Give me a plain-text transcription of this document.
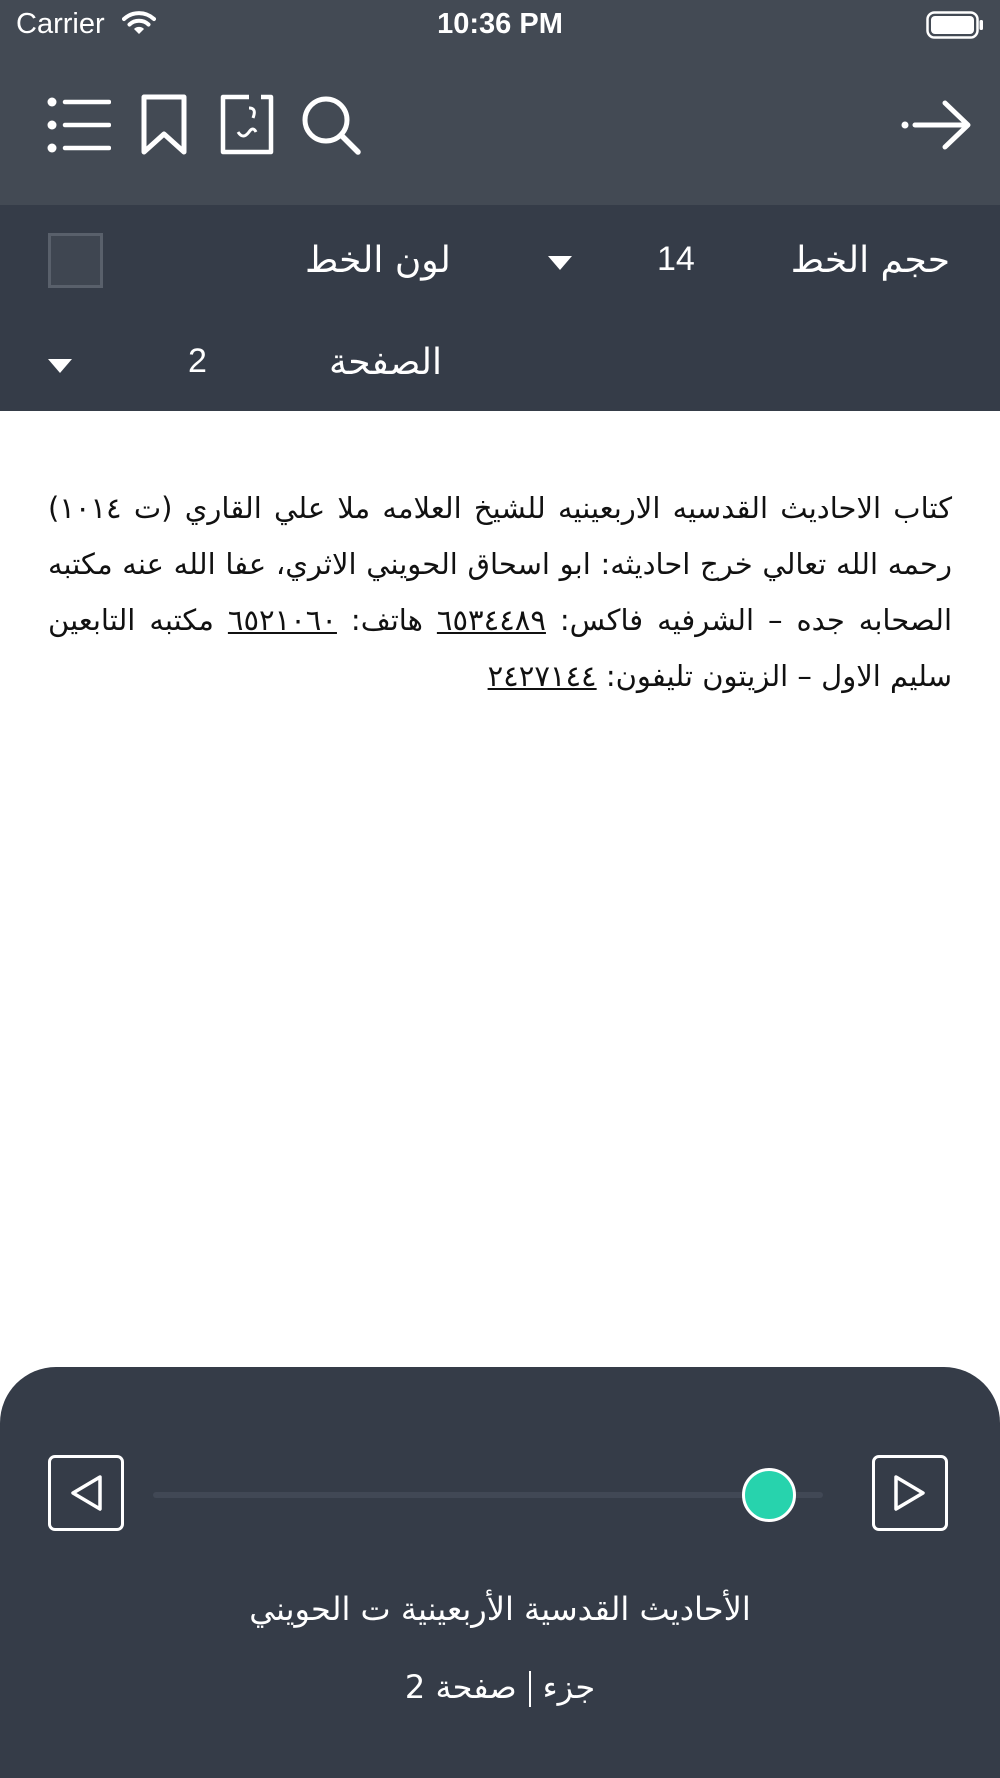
Carrier	10:36 PM
حجم الخط
14
لون الخط
الصفحة
2
كتاب الاحاديث القدسيه الاربعينيه للشيخ العلامه ملا علي القاري (ت ١٠١٤) رحمه الله تعالي خرج احاديثه: ابو اسحاق الحويني الاثري، عفا الله عنه مكتبه الصحابه جده – الشرفيه فاكس: ٦٥٣٤٤٨٩ هاتف: ٦٥٢١٠٦٠ مكتبه التابعين سليم الاول – الزيتون تليفون: ٢٤٢٧١٤٤
الأحاديث القدسية الأربعينية ت الحويني
جزءصفحة 2
